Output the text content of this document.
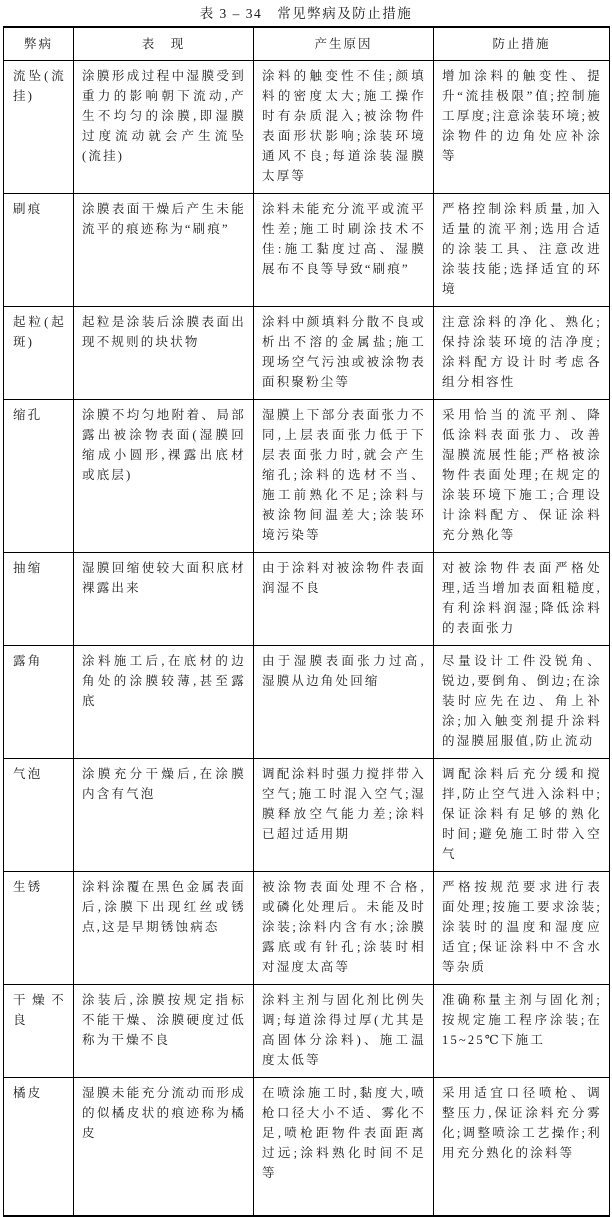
表 3 – 34　常见弊病及防止措施
弊病	表　现	产生原因	防止措施
流坠(流挂)	涂膜形成过程中湿膜受到重力的影响朝下流动,产生不均匀的涂膜,即湿膜过度流动就会产生流坠(流挂)	涂料的触变性不佳;颜填料的密度太大;施工操作时有杂质混入;被涂物件表面形状影响;涂装环境通风不良;每道涂装湿膜太厚等	增加涂料的触变性、提升“流挂极限”值;控制施工厚度;注意涂装环境;被涂物件的边角处应补涂等
刷痕	涂膜表面干燥后产生未能流平的痕迹称为“刷痕”	涂料未能充分流平或流平性差;施工时刷涂技术不佳:施工黏度过高、湿膜展布不良等导致“刷痕”	严格控制涂料质量,加入适量的流平剂;选用合适的涂装工具、注意改进涂装技能;选择适宜的环境
起粒(起斑)	起粒是涂装后涂膜表面出现不规则的块状物	涂料中颜填料分散不良或析出不溶的金属盐;施工现场空气污浊或被涂物表面积聚粉尘等	注意涂料的净化、熟化;保持涂装环境的洁净度;涂料配方设计时考虑各组分相容性
缩孔	涂膜不均匀地附着、局部露出被涂物表面(湿膜回缩成小圆形,裸露出底材或底层)	湿膜上下部分表面张力不同,上层表面张力低于下层表面张力时,就会产生缩孔;涂料的选材不当、施工前熟化不足;涂料与被涂物间温差大;涂装环境污染等	采用恰当的流平剂、降低涂料表面张力、改善湿膜流展性能;严格被涂物件表面处理;在规定的涂装环境下施工;合理设计涂料配方、保证涂料充分熟化等
抽缩	湿膜回缩使较大面积底材裸露出来	由于涂料对被涂物件表面润湿不良	对被涂物件表面严格处理,适当增加表面粗糙度,有利涂料润湿;降低涂料的表面张力
露角	涂料施工后,在底材的边角处的涂膜较薄,甚至露底	由于湿膜表面张力过高,湿膜从边角处回缩	尽量设计工件没锐角、锐边,要倒角、倒边;在涂装时应先在边、角上补涂;加入触变剂提升涂料的湿膜屈服值,防止流动
气泡	涂膜充分干燥后,在涂膜内含有气泡	调配涂料时强力搅拌带入空气;施工时混入空气;湿膜释放空气能力差;涂料已超过适用期	调配涂料后充分缓和搅拌,防止空气进入涂料中;保证涂料有足够的熟化时间;避免施工时带入空气
生锈	涂料涂覆在黑色金属表面后,涂膜下出现红丝或锈点,这是早期锈蚀病态	被涂物表面处理不合格,或磷化处理后。未能及时涂装;涂料内含有水;涂膜露底或有针孔;涂装时相对湿度太高等	严格按规范要求进行表面处理;按施工要求涂装;涂装时的温度和湿度应适宜;保证涂料中不含水等杂质
干燥不良	涂装后,涂膜按规定指标不能干燥、涂膜硬度过低称为干燥不良	涂料主剂与固化剂比例失调;每道涂得过厚(尤其是高固体分涂料)、施工温度太低等	准确称量主剂与固化剂;按规定施工程序涂装;在 15~25℃下施工
橘皮	湿膜未能充分流动而形成的似橘皮状的痕迹称为橘皮	在喷涂施工时,黏度大,喷枪口径大小不适、雾化不足,喷枪距物件表面距离过远;涂料熟化时间不足等	采用适宜口径喷枪、调整压力,保证涂料充分雾化;调整喷涂工艺操作;利用充分熟化的涂料等
